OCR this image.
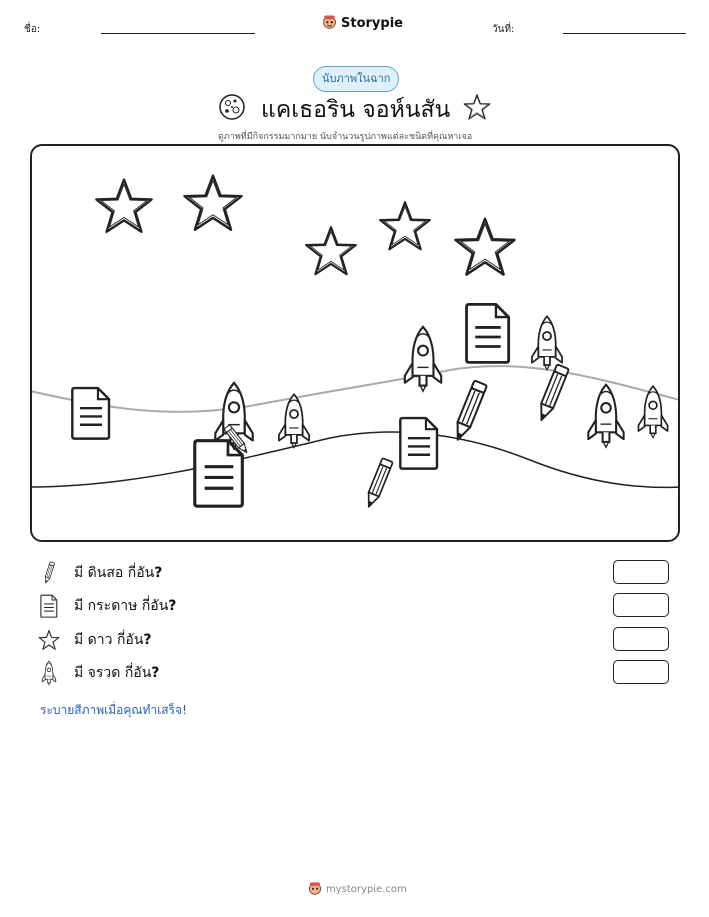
ชื่อ:	Storypie	วันที่:
นับภาพในฉาก
แคเธอริน จอห์นสัน
ดูภาพที่มีกิจกรรมมากมาย นับจำนวนรูปภาพแต่ละชนิดที่คุณหาเจอ
มี ดินสอ กี่อัน?
มี กระดาษ กี่อัน?
มี ดาว กี่อัน?
มี จรวด กี่อัน?
ระบายสีภาพเมื่อคุณทำเสร็จ!
mystorypie.com
